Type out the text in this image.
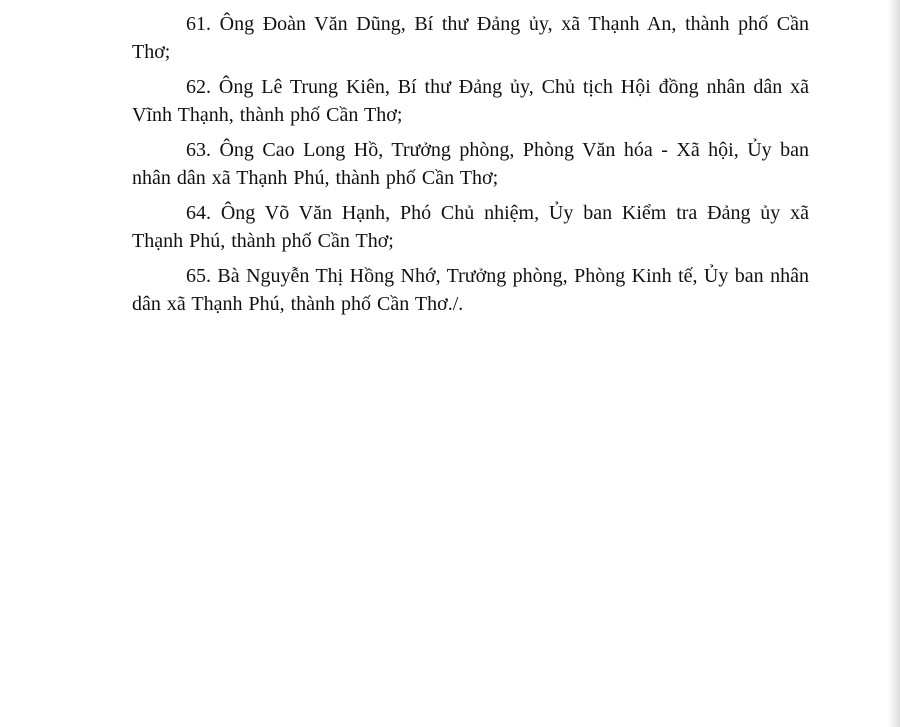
61. Ông Đoàn Văn Dũng, Bí thư Đảng ủy, xã Thạnh An, thành phố Cần Thơ;

62. Ông Lê Trung Kiên, Bí thư Đảng ủy, Chủ tịch Hội đồng nhân dân xã Vĩnh Thạnh, thành phố Cần Thơ;

63. Ông Cao Long Hồ, Trưởng phòng, Phòng Văn hóa - Xã hội, Ủy ban nhân dân xã Thạnh Phú, thành phố Cần Thơ;

64. Ông Võ Văn Hạnh, Phó Chủ nhiệm, Ủy ban Kiểm tra Đảng ủy xã Thạnh Phú, thành phố Cần Thơ;

65. Bà Nguyễn Thị Hồng Nhớ, Trưởng phòng, Phòng Kinh tế, Ủy ban nhân dân xã Thạnh Phú, thành phố Cần Thơ./.
